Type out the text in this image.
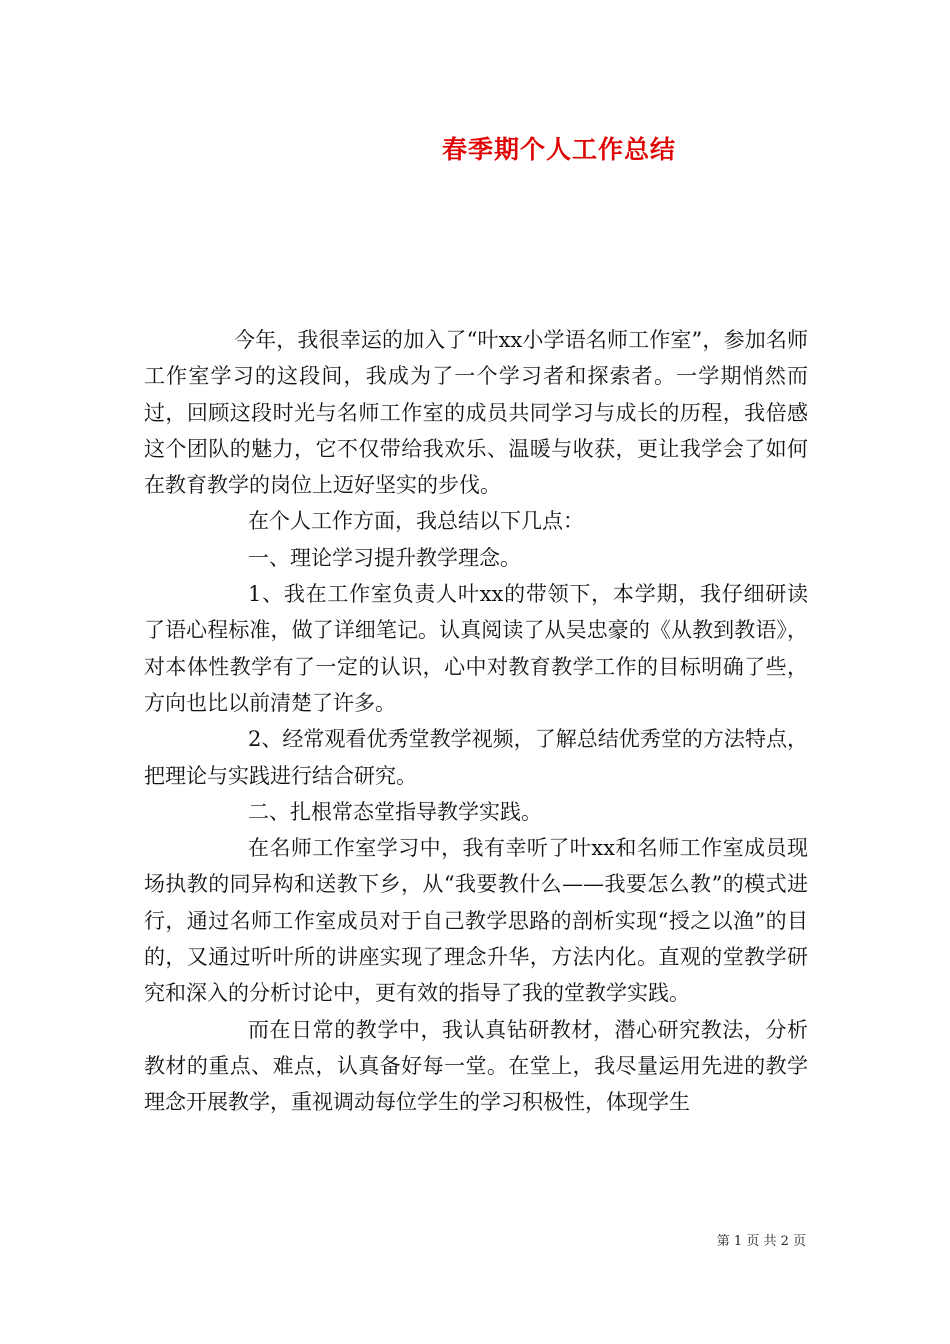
春季期个人工作总结

今年，我很幸运的加入了“叶xx小学语名师工作室”，参加名师工作室学习的这段间，我成为了一个学习者和探索者。一学期悄然而过，回顾这段时光与名师工作室的成员共同学习与成长的历程，我倍感这个团队的魅力，它不仅带给我欢乐、温暖与收获，更让我学会了如何在教育教学的岗位上迈好坚实的步伐。

在个人工作方面，我总结以下几点：

一、理论学习提升教学理念。

1、我在工作室负责人叶xx的带领下，本学期，我仔细研读了语心程标准，做了详细笔记。认真阅读了从吴忠豪的《从教到教语》，对本体性教学有了一定的认识，心中对教育教学工作的目标明确了些，方向也比以前清楚了许多。

2、经常观看优秀堂教学视频，了解总结优秀堂的方法特点，把理论与实践进行结合研究。

二、扎根常态堂指导教学实践。

在名师工作室学习中，我有幸听了叶xx和名师工作室成员现场执教的同异构和送教下乡，从“我要教什么——我要怎么教”的模式进行，通过名师工作室成员对于自己教学思路的剖析实现“授之以渔”的目的，又通过听叶所的讲座实现了理念升华，方法内化。直观的堂教学研究和深入的分析讨论中，更有效的指导了我的堂教学实践。

而在日常的教学中，我认真钻研教材，潜心研究教法，分析教材的重点、难点，认真备好每一堂。在堂上，我尽量运用先进的教学理念开展教学，重视调动每位学生的学习积极性，体现学生

第 1 页 共 2 页
